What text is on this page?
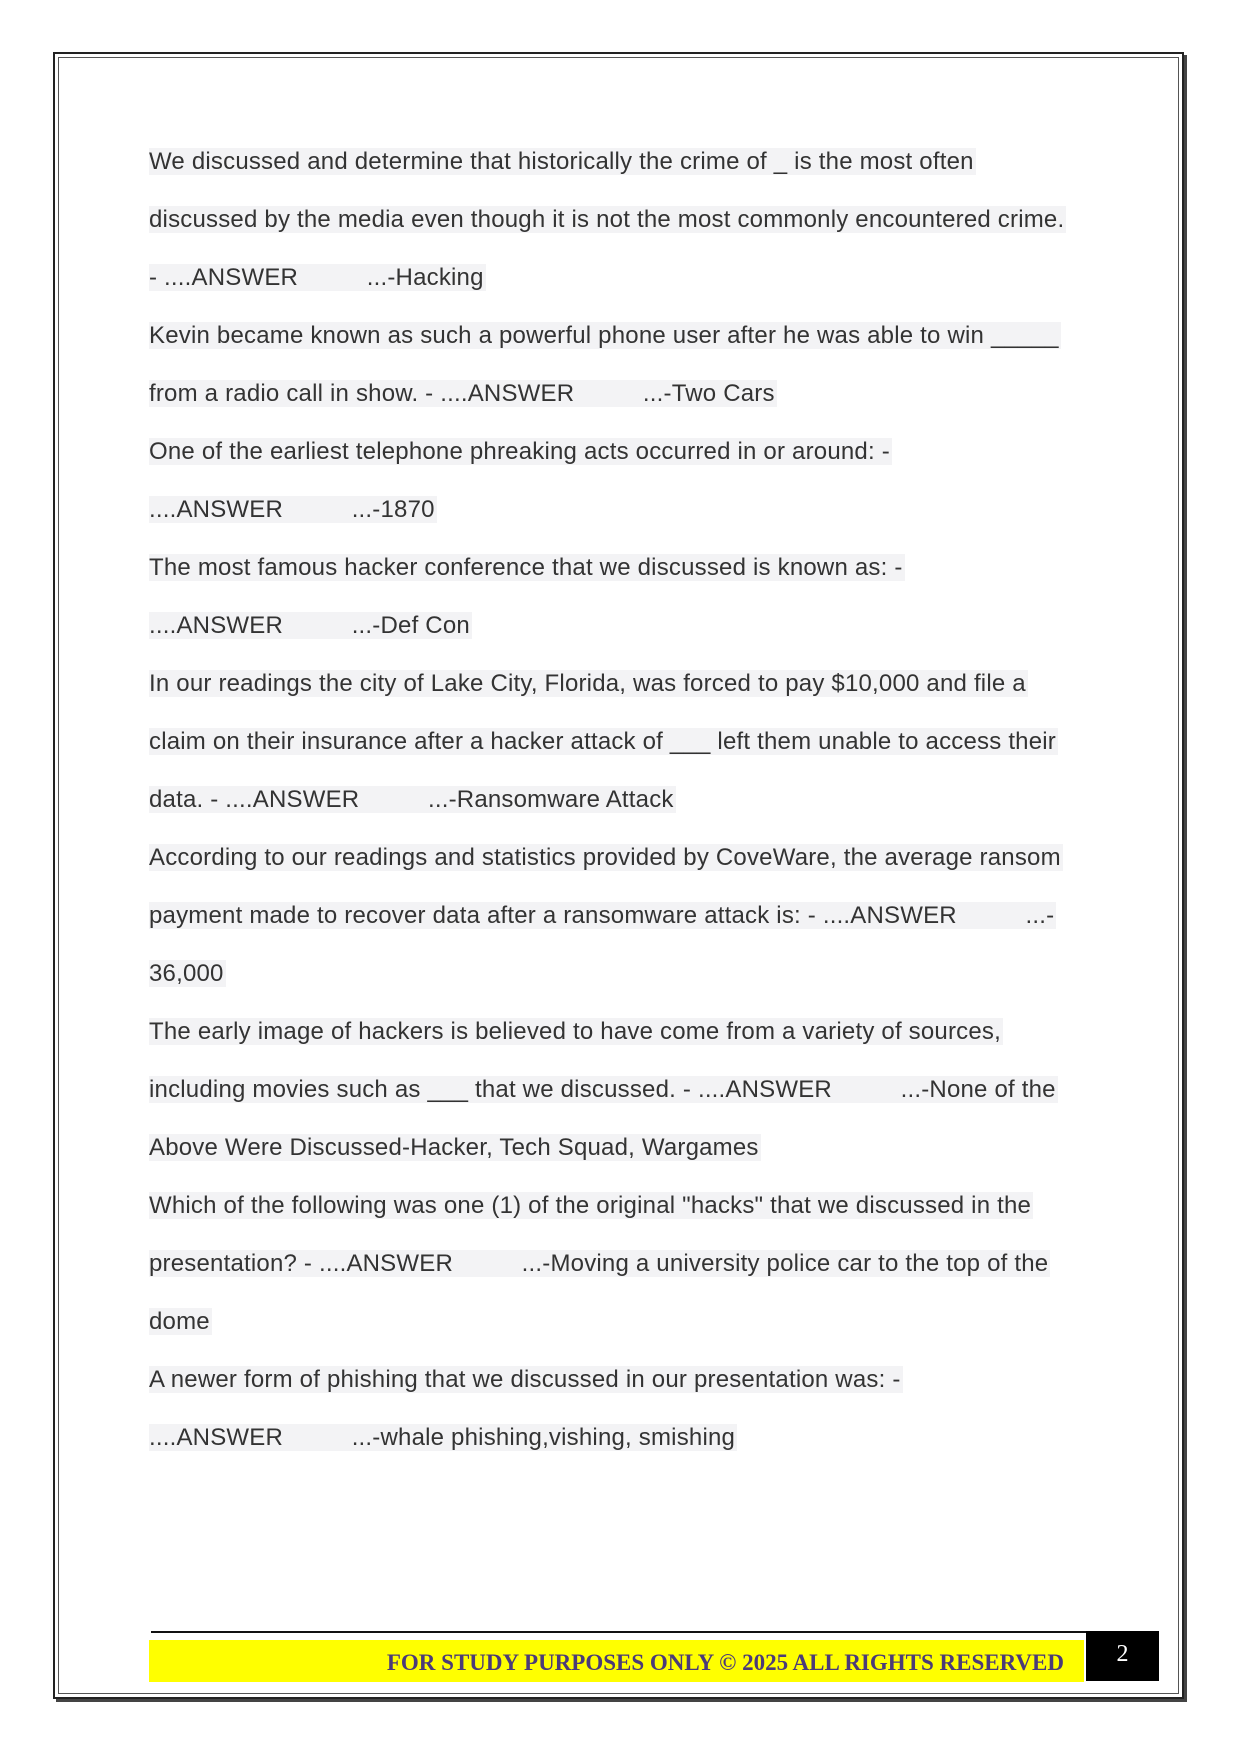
We discussed and determine that historically the crime of _ is the most often
discussed by the media even though it is not the most commonly encountered crime.
- ....ANSWER          ...-Hacking
Kevin became known as such a powerful phone user after he was able to win _____
from a radio call in show. - ....ANSWER          ...-Two Cars
One of the earliest telephone phreaking acts occurred in or around: -
....ANSWER          ...-1870
The most famous hacker conference that we discussed is known as: -
....ANSWER          ...-Def Con
In our readings the city of Lake City, Florida, was forced to pay $10,000 and file a
claim on their insurance after a hacker attack of ___ left them unable to access their
data. - ....ANSWER          ...-Ransomware Attack
According to our readings and statistics provided by CoveWare, the average ransom
payment made to recover data after a ransomware attack is: - ....ANSWER          ...-
36,000
The early image of hackers is believed to have come from a variety of sources,
including movies such as ___ that we discussed. - ....ANSWER          ...-None of the
Above Were Discussed-Hacker, Tech Squad, Wargames
Which of the following was one (1) of the original "hacks" that we discussed in the
presentation? - ....ANSWER          ...-Moving a university police car to the top of the
dome
A newer form of phishing that we discussed in our presentation was: -
....ANSWER          ...-whale phishing,vishing, smishing
FOR STUDY PURPOSES ONLY © 2025 ALL RIGHTS RESERVED	2
